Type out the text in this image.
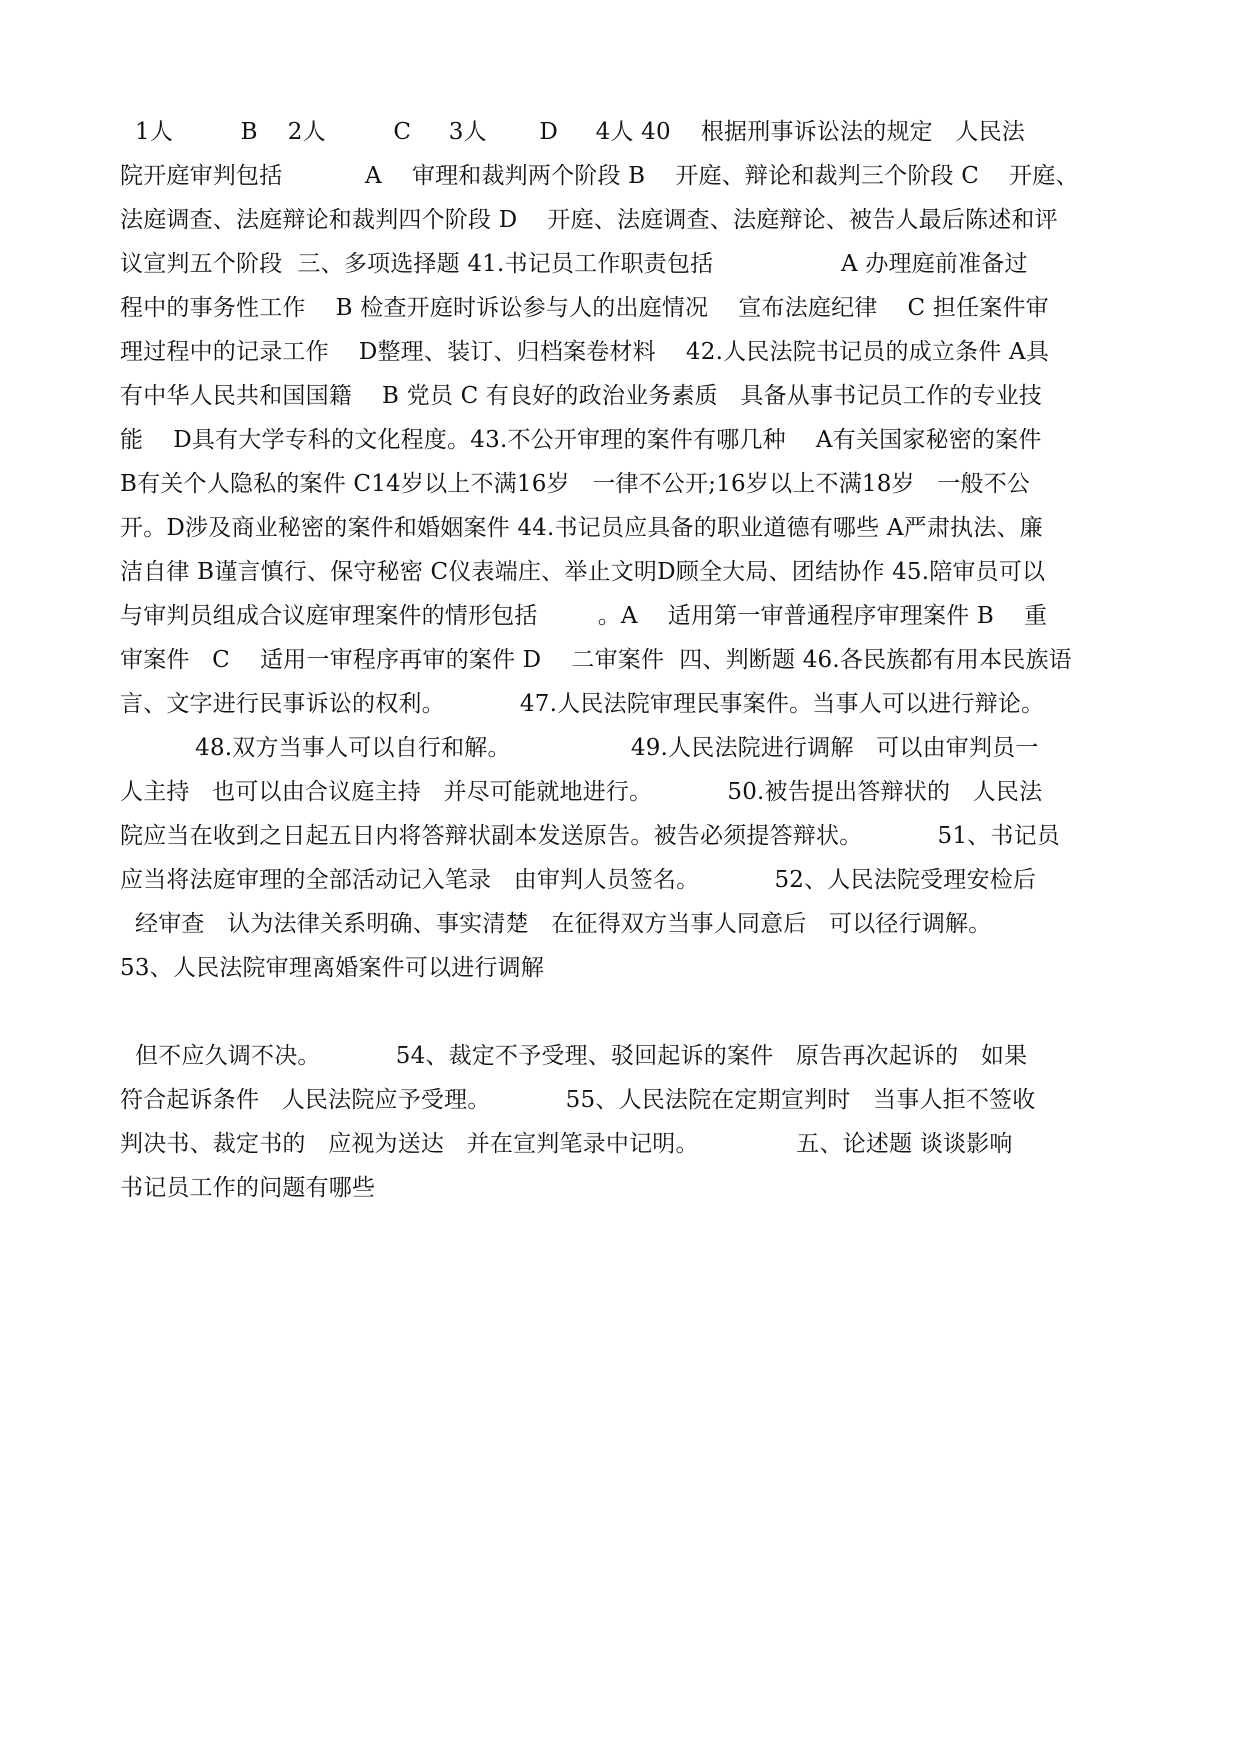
1人         B    2人         C     3人       D     4人 40    根据刑事诉讼法的规定   人民法
院开庭审判包括           A    审理和裁判两个阶段 B    开庭、辩论和裁判三个阶段 C    开庭、
法庭调查、法庭辩论和裁判四个阶段 D    开庭、法庭调查、法庭辩论、被告人最后陈述和评
议宣判五个阶段  三、多项选择题 41.书记员工作职责包括                 A 办理庭前准备过
程中的事务性工作    B 检查开庭时诉讼参与人的出庭情况    宣布法庭纪律    C 担任案件审
理过程中的记录工作    D整理、装订、归档案卷材料    42.人民法院书记员的成立条件 A具
有中华人民共和国国籍    B 党员 C 有良好的政治业务素质   具备从事书记员工作的专业技
能    D具有大学专科的文化程度。43.不公开审理的案件有哪几种    A有关国家秘密的案件
B有关个人隐私的案件 C14岁以上不满16岁   一律不公开;16岁以上不满18岁   一般不公
开。D涉及商业秘密的案件和婚姻案件 44.书记员应具备的职业道德有哪些 A严肃执法、廉
洁自律 B谨言慎行、保守秘密 C仪表端庄、举止文明D顾全大局、团结协作 45.陪审员可以
与审判员组成合议庭审理案件的情形包括        。A    适用第一审普通程序审理案件 B    重
审案件   C    适用一审程序再审的案件 D    二审案件  四、判断题 46.各民族都有用本民族语
言、文字进行民事诉讼的权利。          47.人民法院审理民事案件。当事人可以进行辩论。
48.双方当事人可以自行和解。                49.人民法院进行调解   可以由审判员一
人主持   也可以由合议庭主持   并尽可能就地进行。          50.被告提出答辩状的   人民法
院应当在收到之日起五日内将答辩状副本发送原告。被告必须提答辩状。          51、书记员
应当将法庭审理的全部活动记入笔录   由审判人员签名。          52、人民法院受理安检后
经审查   认为法律关系明确、事实清楚   在征得双方当事人同意后   可以径行调解。
53、人民法院审理离婚案件可以进行调解
但不应久调不决。          54、裁定不予受理、驳回起诉的案件   原告再次起诉的   如果
符合起诉条件   人民法院应予受理。          55、人民法院在定期宣判时   当事人拒不签收
判决书、裁定书的   应视为送达   并在宣判笔录中记明。             五、论述题 谈谈影响
书记员工作的问题有哪些
